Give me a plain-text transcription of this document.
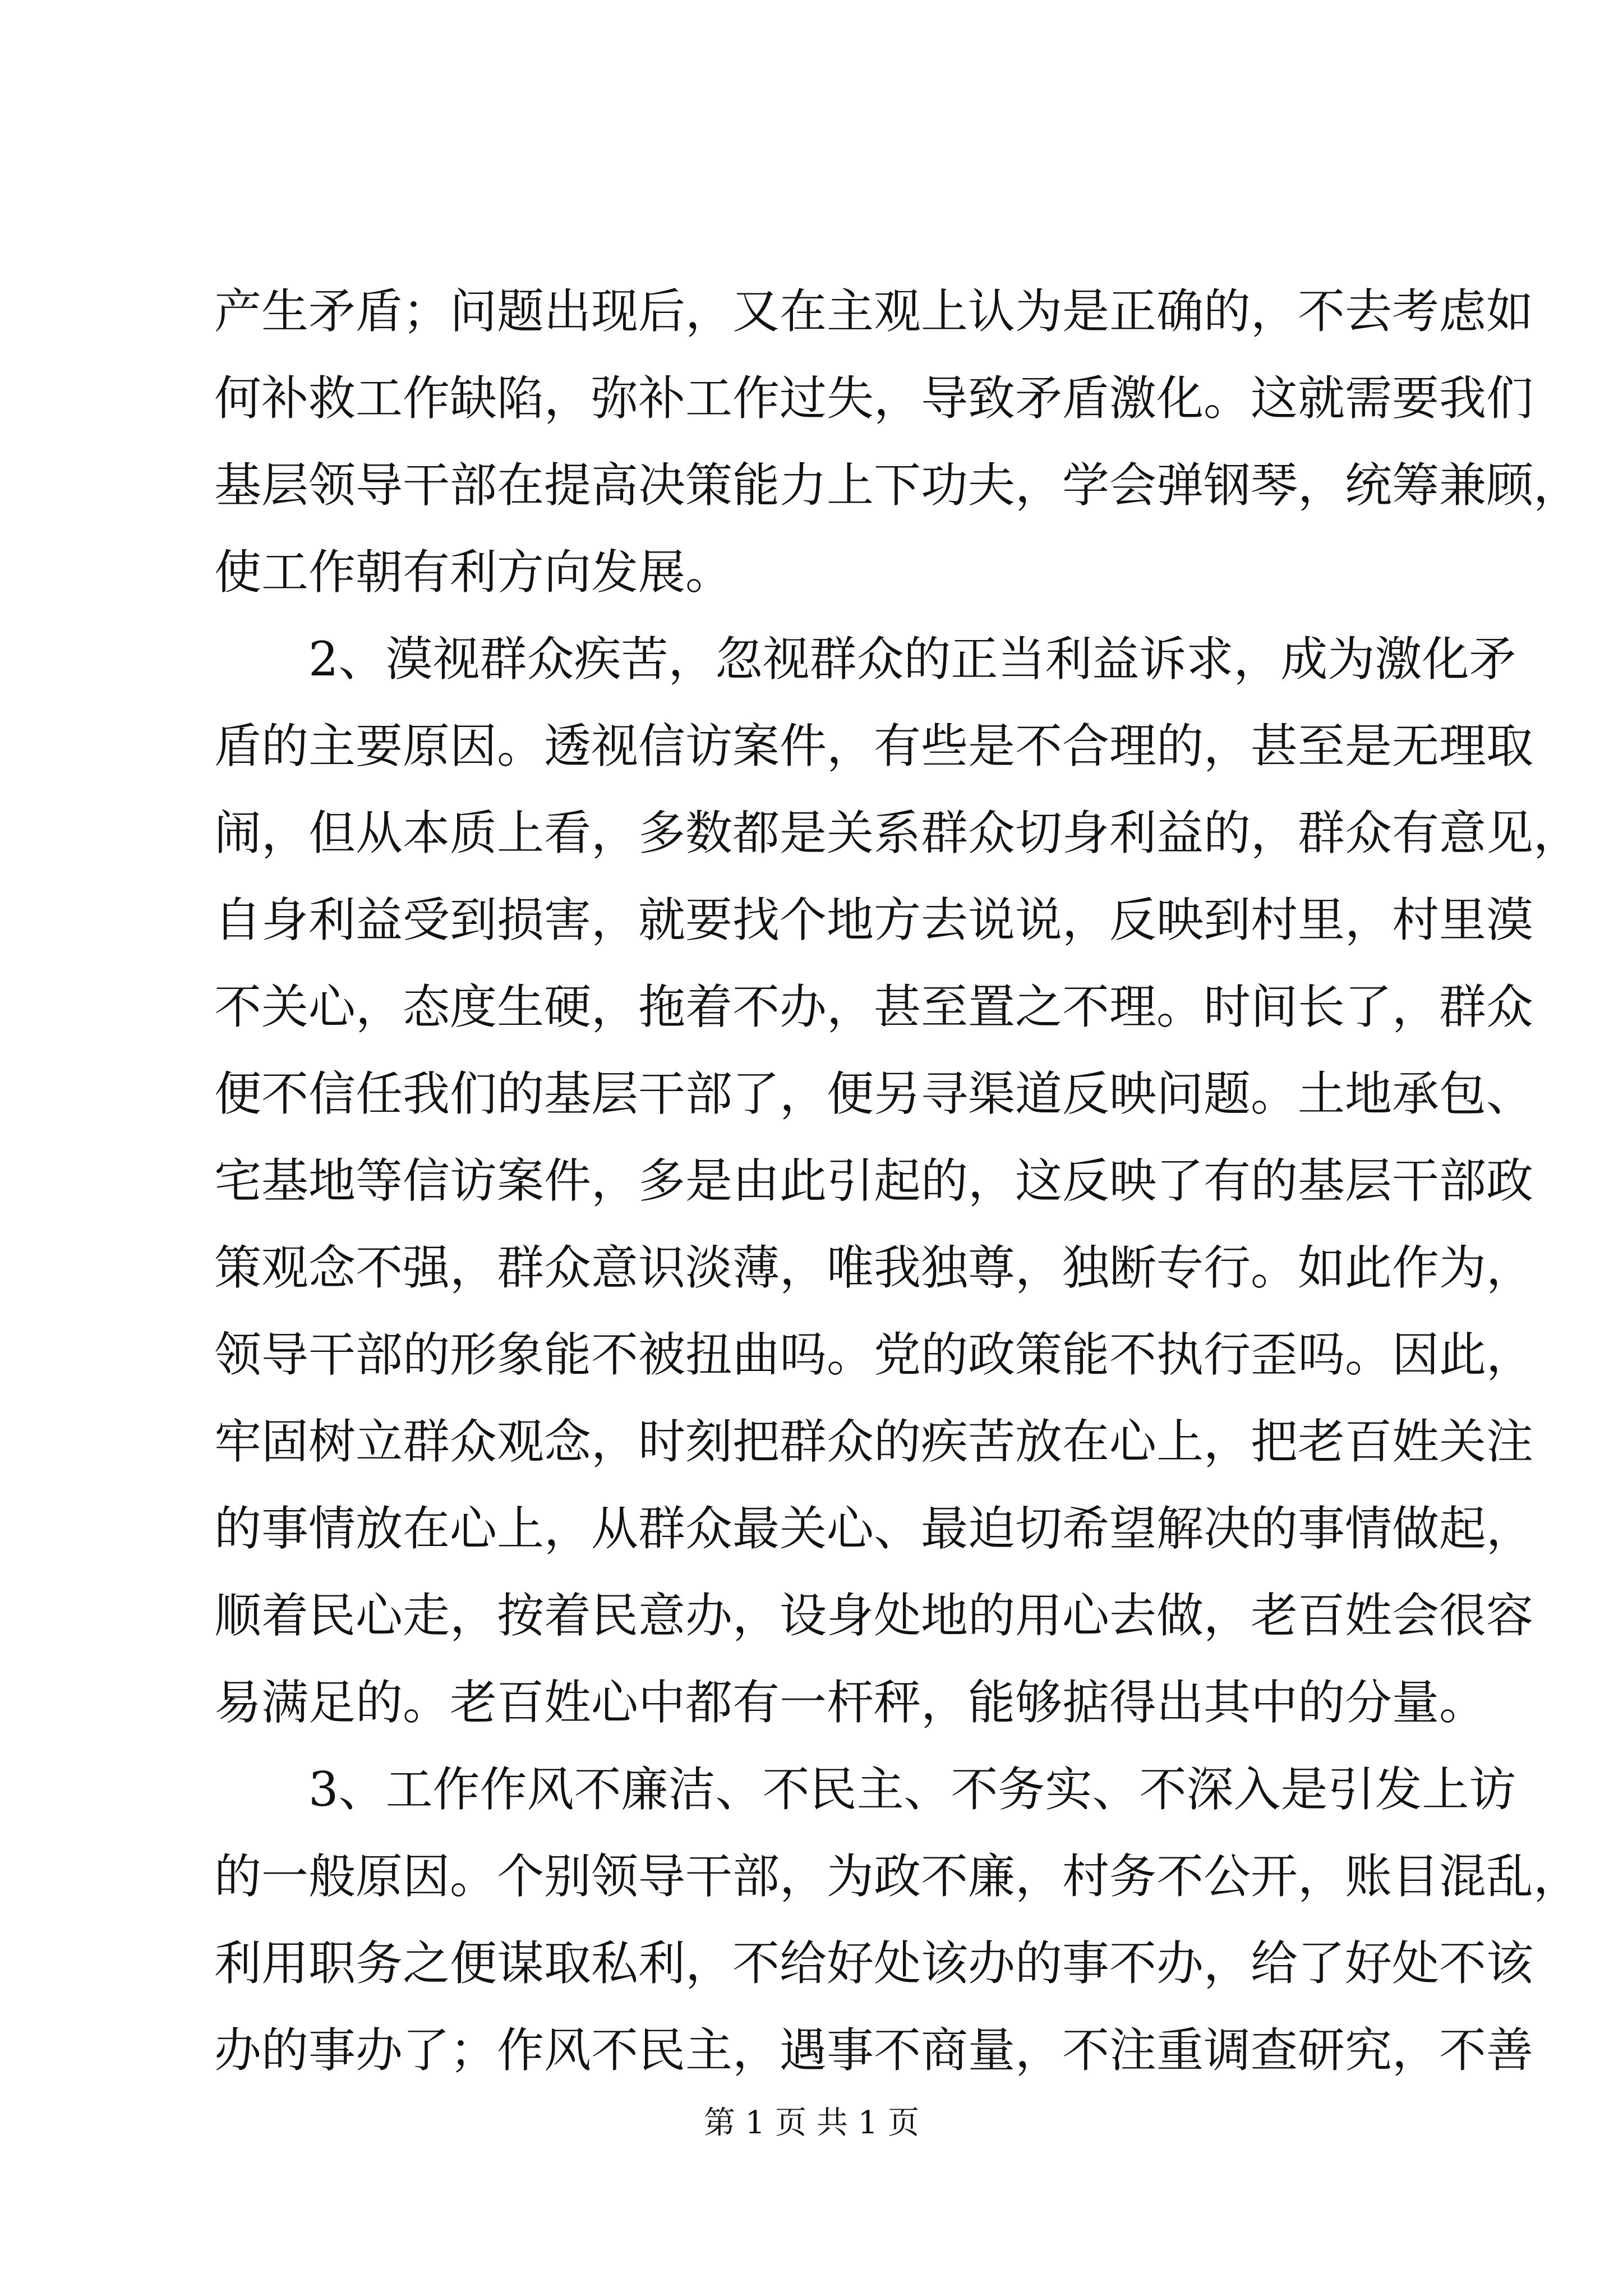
产生矛盾；问题出现后，又在主观上认为是正确的，不去考虑如
何补救工作缺陷，弥补工作过失，导致矛盾激化。这就需要我们
基层领导干部在提高决策能力上下功夫，学会弹钢琴，统筹兼顾，
使工作朝有利方向发展。
　　2、漠视群众疾苦，忽视群众的正当利益诉求，成为激化矛
盾的主要原因。透视信访案件，有些是不合理的，甚至是无理取
闹，但从本质上看，多数都是关系群众切身利益的，群众有意见，
自身利益受到损害，就要找个地方去说说，反映到村里，村里漠
不关心，态度生硬，拖着不办，甚至置之不理。时间长了，群众
便不信任我们的基层干部了，便另寻渠道反映问题。土地承包、
宅基地等信访案件，多是由此引起的，这反映了有的基层干部政
策观念不强，群众意识淡薄，唯我独尊，独断专行。如此作为，
领导干部的形象能不被扭曲吗。党的政策能不执行歪吗。因此，
牢固树立群众观念，时刻把群众的疾苦放在心上，把老百姓关注
的事情放在心上，从群众最关心、最迫切希望解决的事情做起，
顺着民心走，按着民意办，设身处地的用心去做，老百姓会很容
易满足的。老百姓心中都有一杆秤，能够掂得出其中的分量。
　　3、工作作风不廉洁、不民主、不务实、不深入是引发上访
的一般原因。个别领导干部，为政不廉，村务不公开，账目混乱，
利用职务之便谋取私利，不给好处该办的事不办，给了好处不该
办的事办了；作风不民主，遇事不商量，不注重调查研究，不善
第 1 页 共 1 页
